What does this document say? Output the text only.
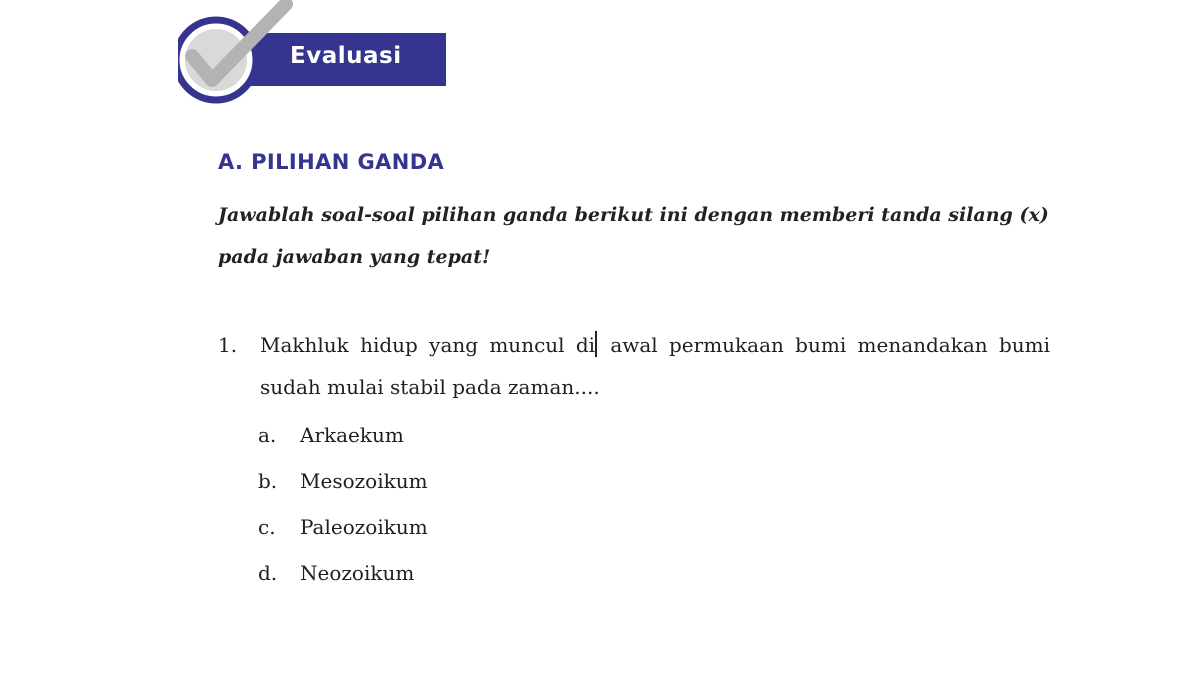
Evaluasi
A. PILIHAN GANDA
Jawablah soal-soal pilihan ganda berikut ini dengan memberi tanda silang (x) pada jawaban yang tepat!
1. Makhluk hidup yang muncul di awal permukaan bumi menandakan bumi sudah mulai stabil pada zaman....
a.	Arkaekum
b.	Mesozoikum
c.	Paleozoikum
d.	Neozoikum
